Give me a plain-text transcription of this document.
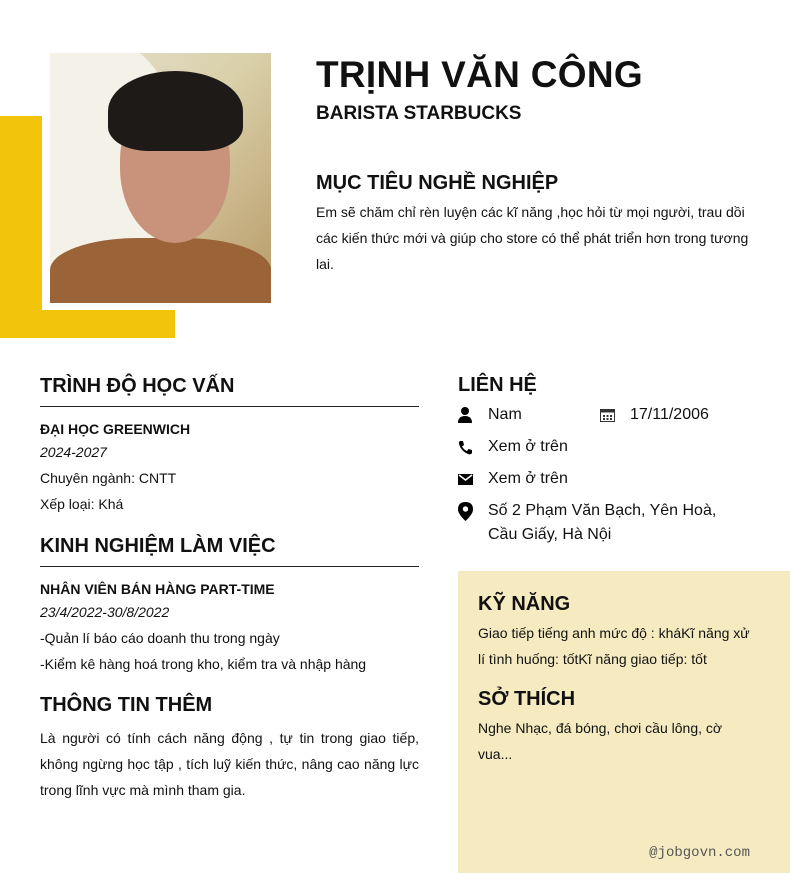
TRỊNH VĂN CÔNG
BARISTA STARBUCKS
MỤC TIÊU NGHỀ NGHIỆP
Em sẽ chăm chỉ rèn luyện các kĩ năng ,học hỏi từ mọi người, trau dồi các kiến thức mới và giúp cho store có thể phát triển hơn trong tương lai.
TRÌNH ĐỘ HỌC VẤN
ĐẠI HỌC GREENWICH
2024-2027
Chuyên ngành: CNTT
Xếp loại: Khá
KINH NGHIỆM LÀM VIỆC
NHÂN VIÊN BÁN HÀNG PART-TIME
23/4/2022-30/8/2022
-Quản lí báo cáo doanh thu trong ngày
-Kiểm kê hàng hoá trong kho, kiểm tra và nhập hàng
THÔNG TIN THÊM
Là người có tính cách năng động , tự tin trong giao tiếp, không ngừng học tập , tích luỹ kiến thức, nâng cao năng lực trong lĩnh vực mà mình tham gia.
LIÊN HỆ
Nam	17/11/2006
Xem ở trên
Xem ở trên
Số 2 Phạm Văn Bạch, Yên Hoà, Cầu Giấy, Hà Nội
KỸ NĂNG
Giao tiếp tiếng anh mức độ : kháKĩ năng xử lí tình huống: tốtKĩ năng giao tiếp: tốt
SỞ THÍCH
Nghe Nhạc, đá bóng, chơi cầu lông, cờ vua...
@jobgovn.com
